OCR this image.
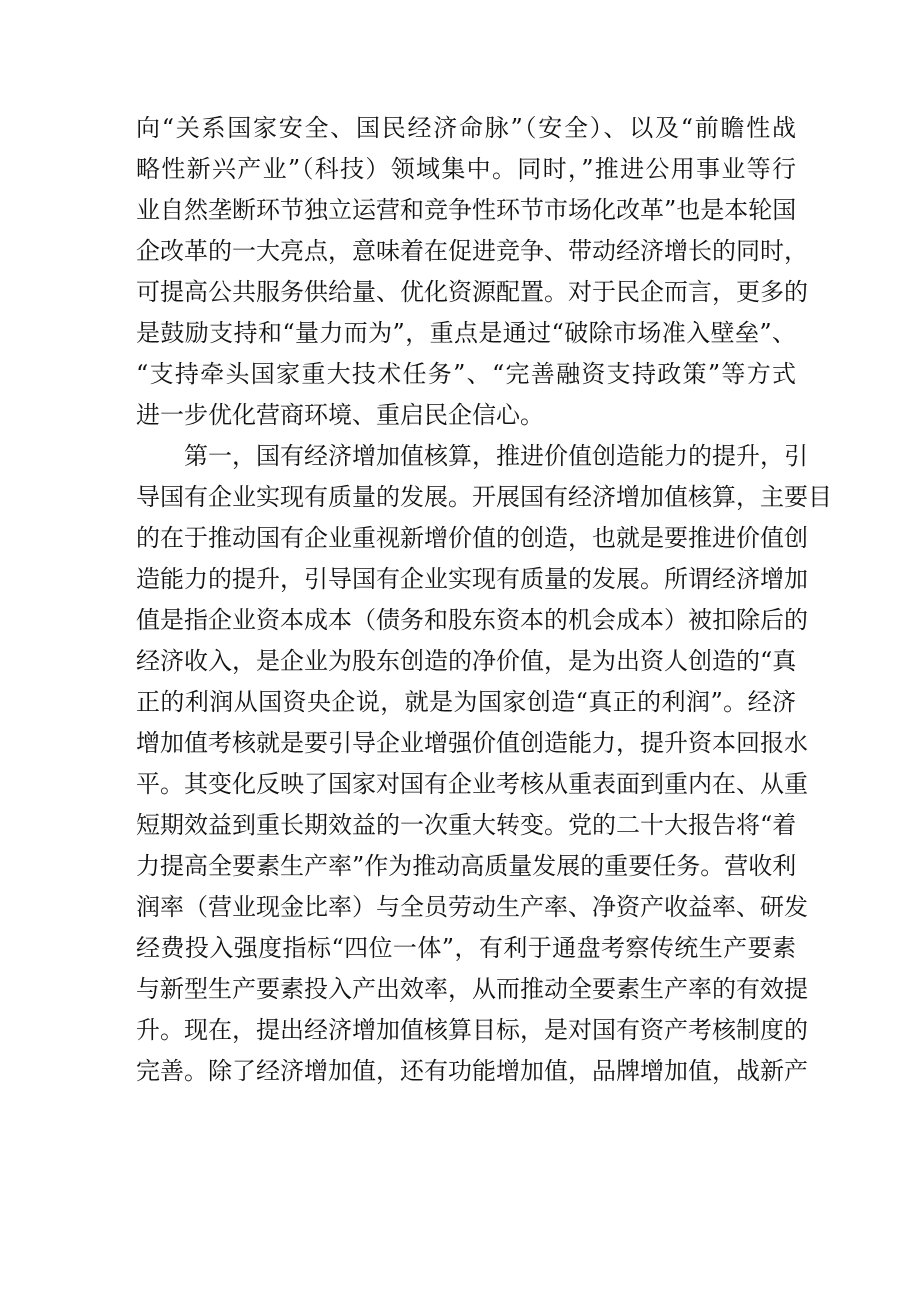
向“关系国家安全、国民经济命脉”（安全）、以及“前瞻性战
略性新兴产业”（科技）领域集中。同时，”推进公用事业等行
业自然垄断环节独立运营和竞争性环节市场化改革”也是本轮国
企改革的一大亮点，意味着在促进竞争、带动经济增长的同时，
可提高公共服务供给量、优化资源配置。对于民企而言，更多的
是鼓励支持和“量力而为”，重点是通过“破除市场准入壁垒”、
“支持牵头国家重大技术任务”、“完善融资支持政策”等方式
进一步优化营商环境、重启民企信心。
第一，国有经济增加值核算，推进价值创造能力的提升，引
导国有企业实现有质量的发展。开展国有经济增加值核算，主要目
的在于推动国有企业重视新增价值的创造，也就是要推进价值创
造能力的提升，引导国有企业实现有质量的发展。所谓经济增加
值是指企业资本成本（债务和股东资本的机会成本）被扣除后的
经济收入，是企业为股东创造的净价值，是为出资人创造的“真
正的利润从国资央企说，就是为国家创造“真正的利润”。经济
增加值考核就是要引导企业增强价值创造能力，提升资本回报水
平。其变化反映了国家对国有企业考核从重表面到重内在、从重
短期效益到重长期效益的一次重大转变。党的二十大报告将“着
力提高全要素生产率”作为推动高质量发展的重要任务。营收利
润率（营业现金比率）与全员劳动生产率、净资产收益率、研发
经费投入强度指标“四位一体”，有利于通盘考察传统生产要素
与新型生产要素投入产出效率，从而推动全要素生产率的有效提
升。现在，提出经济增加值核算目标，是对国有资产考核制度的
完善。除了经济增加值，还有功能增加值，品牌增加值，战新产
